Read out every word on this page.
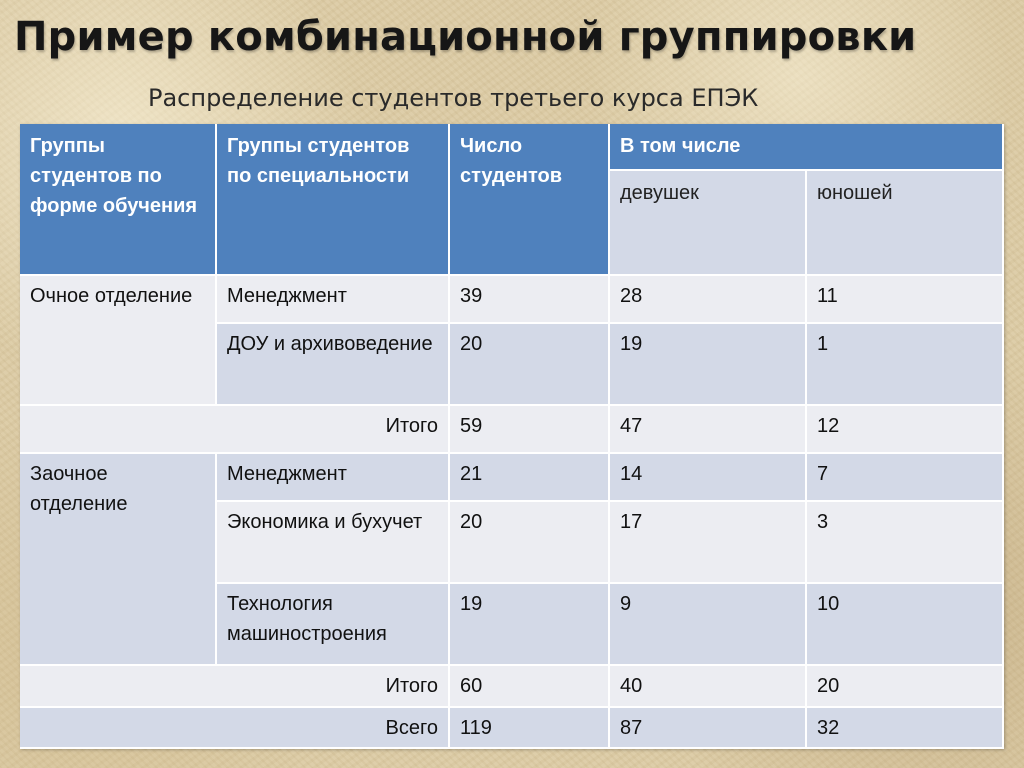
Пример комбинационной группировки
Распределение студентов третьего курса ЕПЭК
Группы студентов по форме обучения	Группы студентов по специальности	Число студентов	В том числе	
			девушек	юношей
Очное отделение	Менеджмент	39	28	11
	ДОУ и архивоведение	20	19	1
Итого		59	47	12
Заочное отделение	Менеджмент	21	14	7
	Экономика и бухучет	20	17	3
	Технология машиностроения	19	9	10
Итого		60	40	20
Всего		119	87	32
